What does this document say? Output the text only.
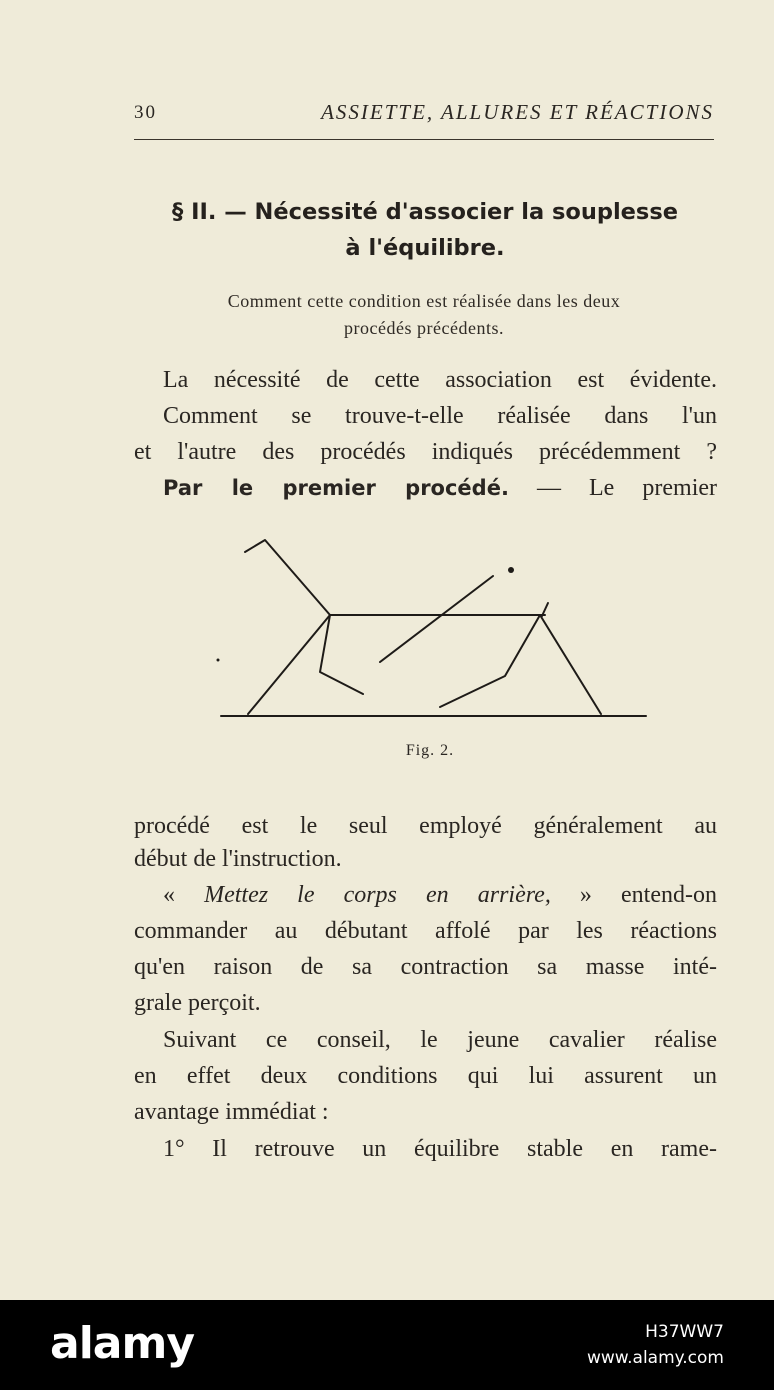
30	ASSIETTE, ALLURES ET RÉACTIONS
§ II. — Nécessité d'associer la souplesse
à l'équilibre.
Comment cette condition est réalisée dans les deux
procédés précédents.
La nécessité de cette association est évidente.
Comment se trouve-t-elle réalisée dans l'un
et l'autre des procédés indiqués précédemment ?
Par le premier procédé. — Le premier
Fig. 2.
procédé est le seul employé généralement au
début de l'instruction.
« Mettez le corps en arrière, » entend-on
commander au débutant affolé par les réactions
qu'en raison de sa contraction sa masse inté-
grale perçoit.
Suivant ce conseil, le jeune cavalier réalise
en effet deux conditions qui lui assurent un
avantage immédiat :
1° Il retrouve un équilibre stable en rame-
alamy	H37WW7
www.alamy.com
